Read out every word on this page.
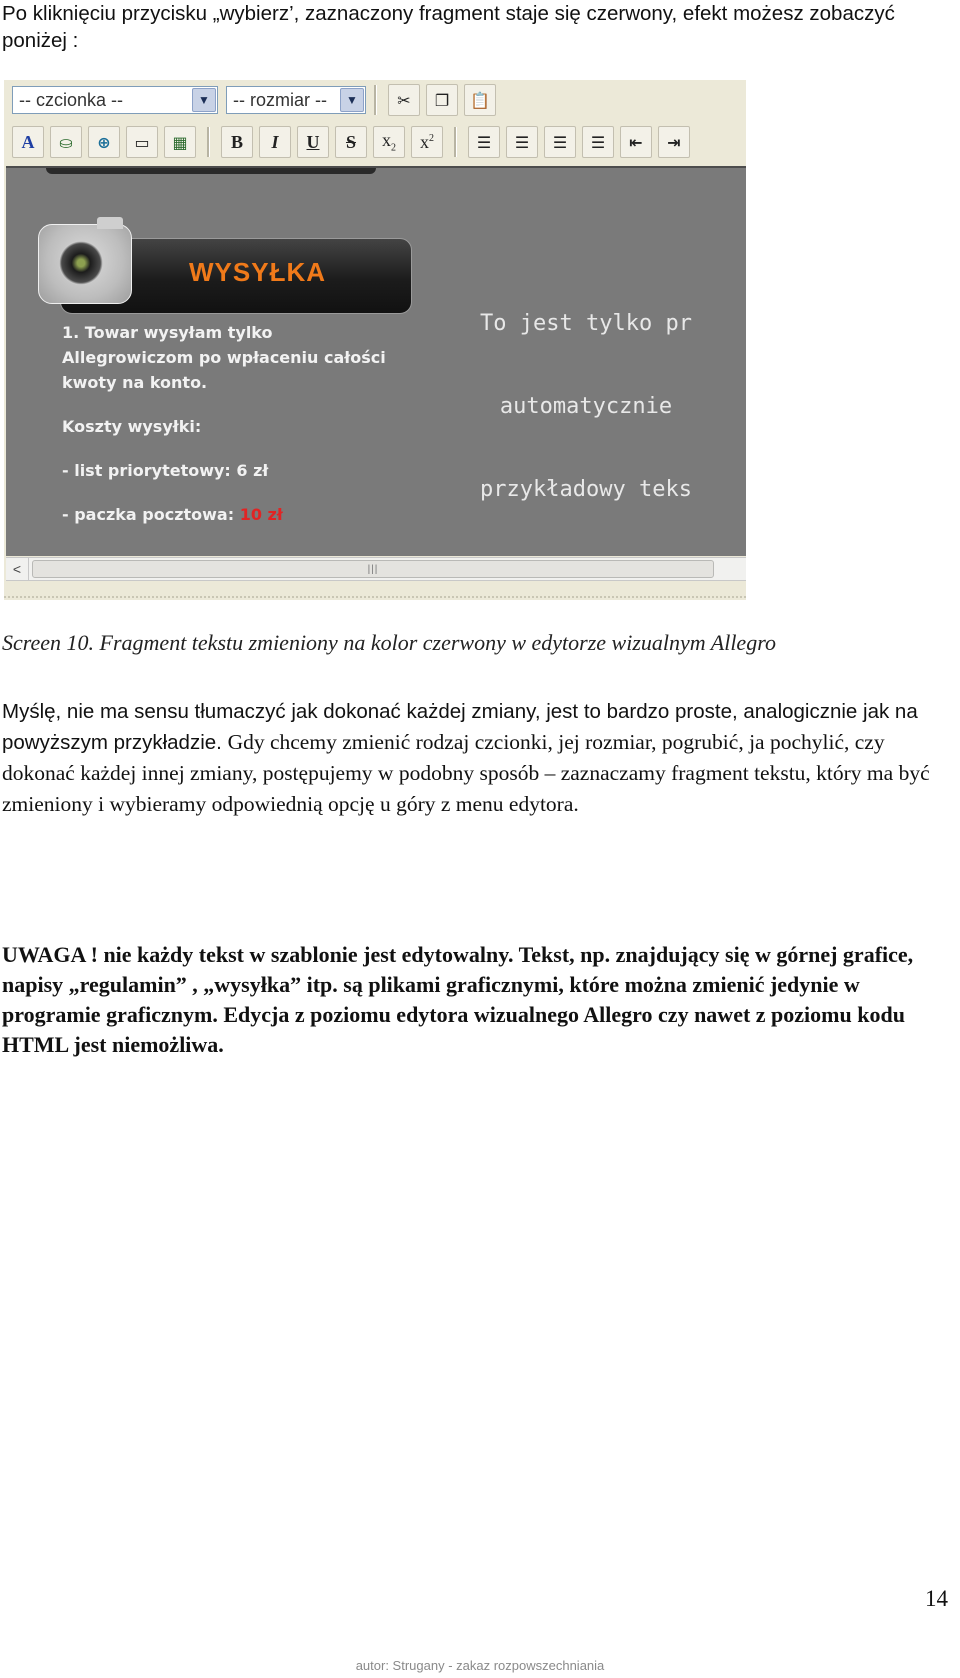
Po kliknięciu przycisku „wybierz’, zaznaczony fragment staje się czerwony, efekt możesz zobaczyć poniżej :

-- czcionka --	▼	-- rozmiar --	▼	✂ ❐ 📋
A ⛀ ⊕ ▭ ▦ B I U S $x_2$ $x^2$	☰ ☰ ☰ ☰ ⇤ ⇥
WYSYŁKA

1. Towar wysyłam tylko

Allegrowiczom po wpłaceniu całości

kwoty na konto.

Koszty wysyłki:

- list priorytetowy: 6 zł

- paczka pocztowa: 10 zł

To jest tylko pr

automatycznie

przykładowy teks

<	|||

Screen 10. Fragment tekstu zmieniony na kolor czerwony w edytorze wizualnym Allegro

Myślę, nie ma sensu tłumaczyć jak dokonać każdej zmiany, jest to bardzo proste, analogicznie jak na powyższym przykładzie. Gdy chcemy zmienić rodzaj czcionki, jej rozmiar, pogrubić, ja pochylić, czy dokonać każdej innej zmiany, postępujemy w podobny sposób – zaznaczamy fragment tekstu, który ma być zmieniony i wybieramy odpowiednią opcję u góry z menu edytora.

UWAGA ! nie każdy tekst w szablonie jest edytowalny. Tekst, np. znajdujący się w górnej grafice, napisy „regulamin” , „wysyłka” itp. są plikami graficznymi, które można zmienić jedynie w programie graficznym. Edycja z poziomu edytora wizualnego Allegro czy nawet z poziomu kodu HTML jest niemożliwa.

14
autor: Strugany - zakaz rozpowszechniania
